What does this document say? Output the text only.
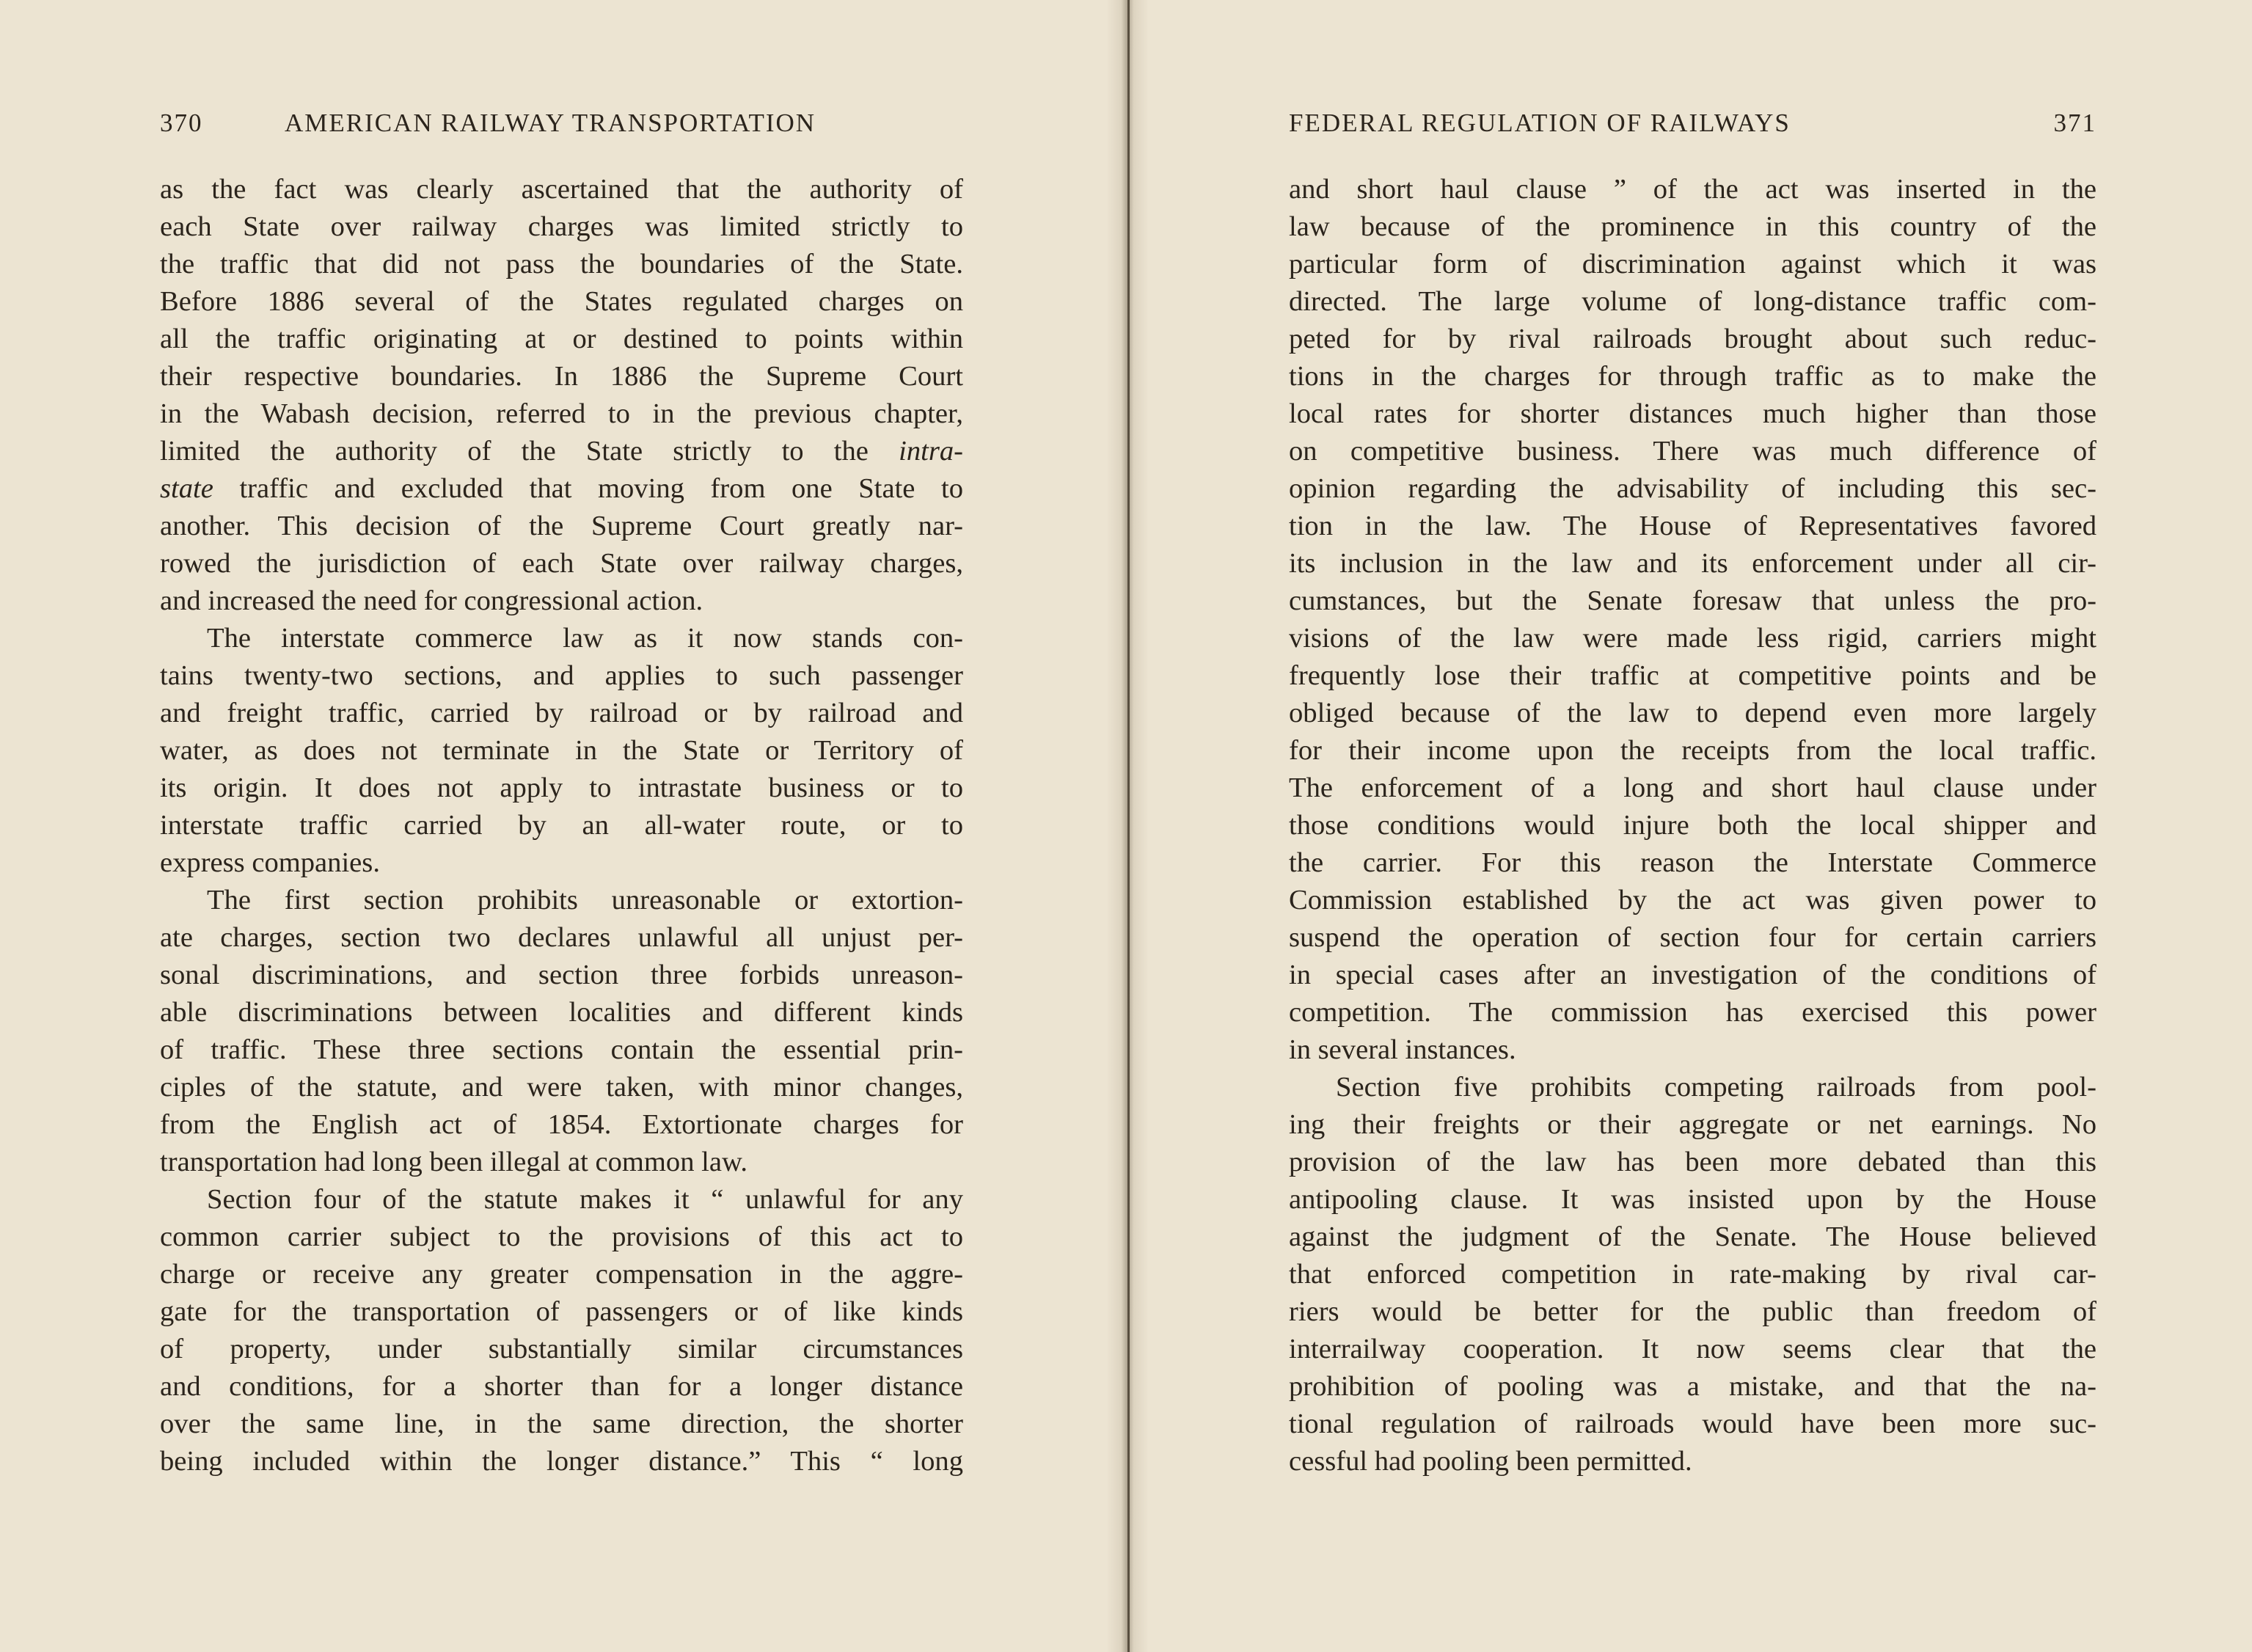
370	AMERICAN RAILWAY TRANSPORTATION
as the fact was clearly ascertained that the authority of
each State over railway charges was limited strictly to
the traffic that did not pass the boundaries of the State.
Before 1886 several of the States regulated charges on
all the traffic originating at or destined to points within
their respective boundaries. In 1886 the Supreme Court
in the Wabash decision, referred to in the previous chapter,
limited the authority of the State strictly to the intra-
state traffic and excluded that moving from one State to
another. This decision of the Supreme Court greatly nar-
rowed the jurisdiction of each State over railway charges,
and increased the need for congressional action.
The interstate commerce law as it now stands con-
tains twenty-two sections, and applies to such passenger
and freight traffic, carried by railroad or by railroad and
water, as does not terminate in the State or Territory of
its origin. It does not apply to intrastate business or to
interstate traffic carried by an all-water route, or to
express companies.
The first section prohibits unreasonable or extortion-
ate charges, section two declares unlawful all unjust per-
sonal discriminations, and section three forbids unreason-
able discriminations between localities and different kinds
of traffic. These three sections contain the essential prin-
ciples of the statute, and were taken, with minor changes,
from the English act of 1854. Extortionate charges for
transportation had long been illegal at common law.
Section four of the statute makes it “ unlawful for any
common carrier subject to the provisions of this act to
charge or receive any greater compensation in the aggre-
gate for the transportation of passengers or of like kinds
of property, under substantially similar circumstances
and conditions, for a shorter than for a longer distance
over the same line, in the same direction, the shorter
being included within the longer distance.” This “ long
FEDERAL REGULATION OF RAILWAYS	371
and short haul clause ” of the act was inserted in the
law because of the prominence in this country of the
particular form of discrimination against which it was
directed. The large volume of long-distance traffic com-
peted for by rival railroads brought about such reduc-
tions in the charges for through traffic as to make the
local rates for shorter distances much higher than those
on competitive business. There was much difference of
opinion regarding the advisability of including this sec-
tion in the law. The House of Representatives favored
its inclusion in the law and its enforcement under all cir-
cumstances, but the Senate foresaw that unless the pro-
visions of the law were made less rigid, carriers might
frequently lose their traffic at competitive points and be
obliged because of the law to depend even more largely
for their income upon the receipts from the local traffic.
The enforcement of a long and short haul clause under
those conditions would injure both the local shipper and
the carrier. For this reason the Interstate Commerce
Commission established by the act was given power to
suspend the operation of section four for certain carriers
in special cases after an investigation of the conditions of
competition. The commission has exercised this power
in several instances.
Section five prohibits competing railroads from pool-
ing their freights or their aggregate or net earnings. No
provision of the law has been more debated than this
antipooling clause. It was insisted upon by the House
against the judgment of the Senate. The House believed
that enforced competition in rate-making by rival car-
riers would be better for the public than freedom of
interrailway cooperation. It now seems clear that the
prohibition of pooling was a mistake, and that the na-
tional regulation of railroads would have been more suc-
cessful had pooling been permitted.
